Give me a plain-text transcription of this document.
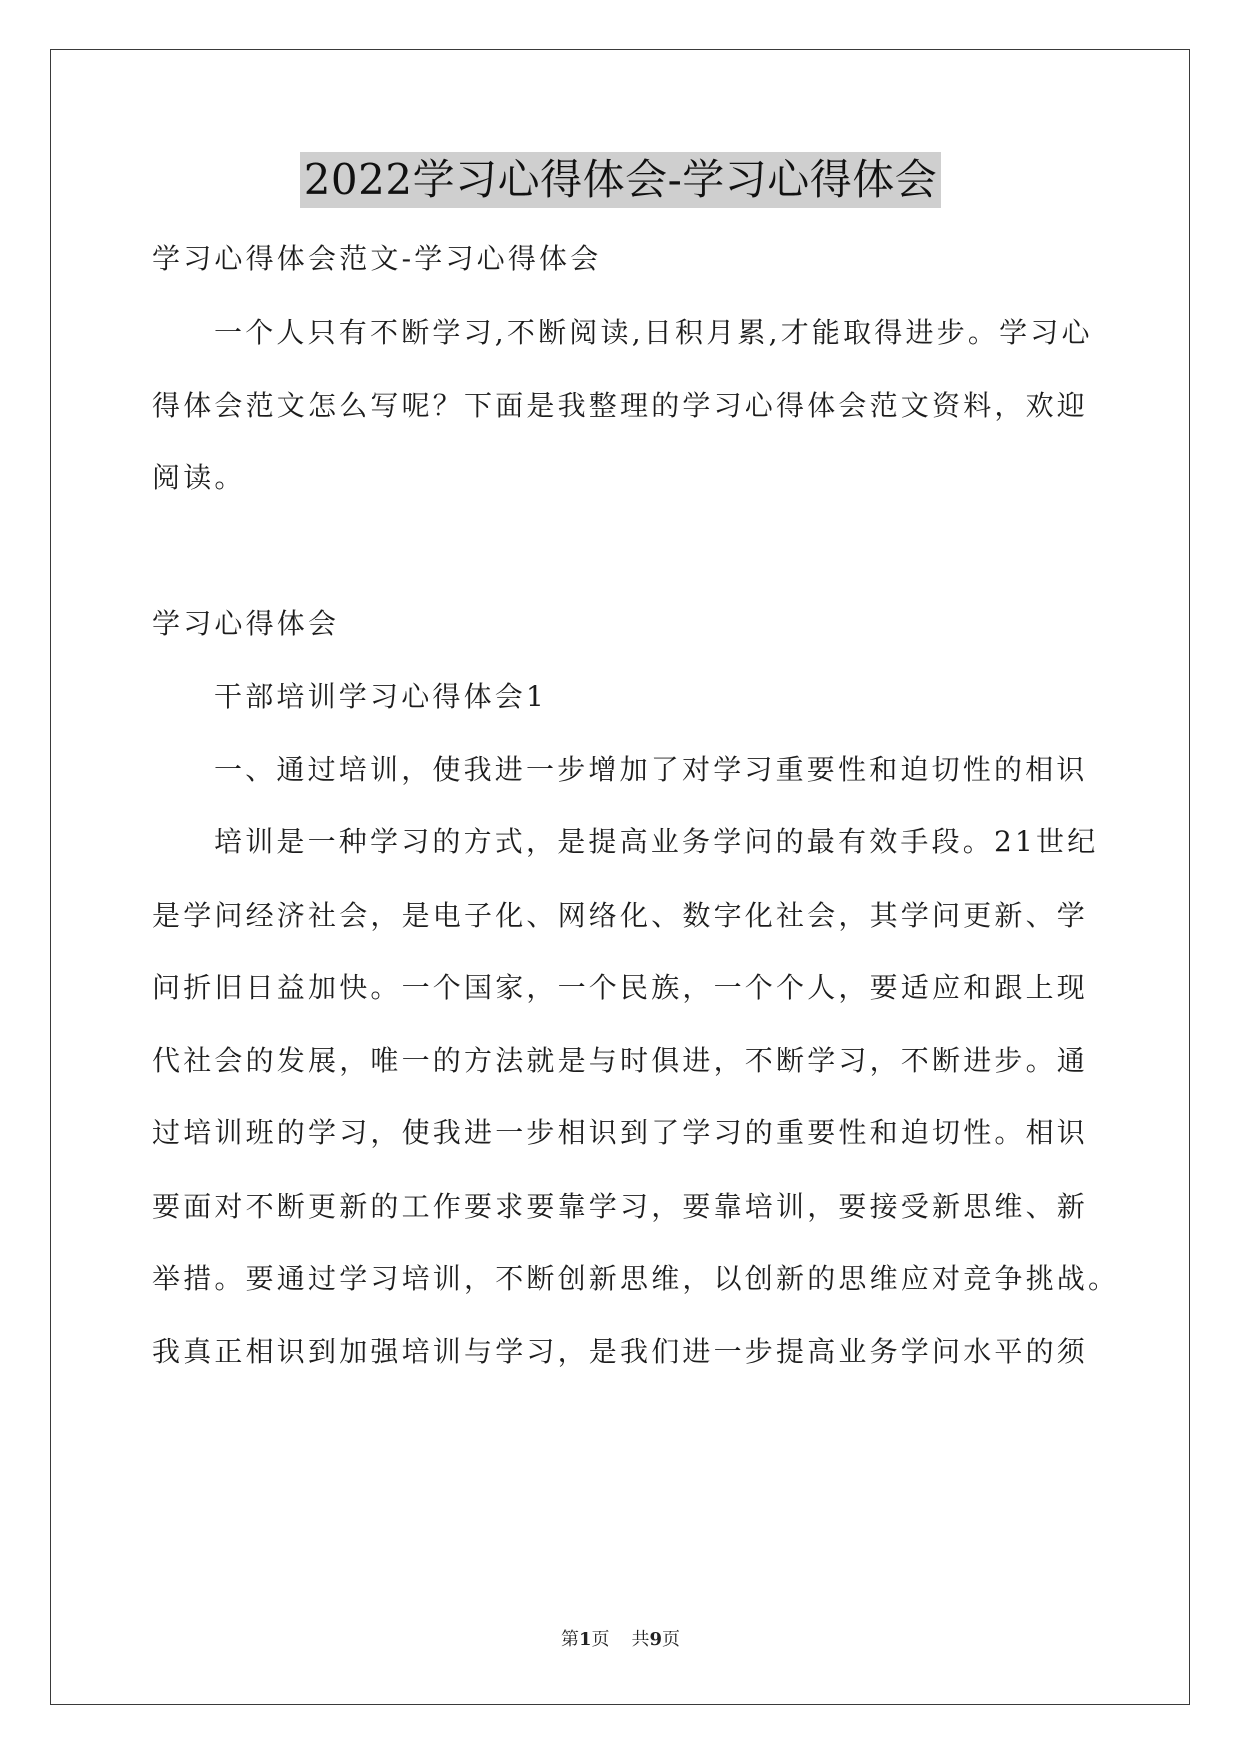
2022学习心得体会-学习心得体会
学习心得体会范文-学习心得体会
一个人只有不断学习,不断阅读,日积月累,才能取得进步。学习心
得体会范文怎么写呢？下面是我整理的学习心得体会范文资料，欢迎
阅读。
学习心得体会
干部培训学习心得体会1
一、通过培训，使我进一步增加了对学习重要性和迫切性的相识
培训是一种学习的方式，是提高业务学问的最有效手段。21世纪
是学问经济社会，是电子化、网络化、数字化社会，其学问更新、学
问折旧日益加快。一个国家，一个民族，一个个人，要适应和跟上现
代社会的发展，唯一的方法就是与时俱进，不断学习，不断进步。通
过培训班的学习，使我进一步相识到了学习的重要性和迫切性。相识
要面对不断更新的工作要求要靠学习，要靠培训，要接受新思维、新
举措。要通过学习培训，不断创新思维，以创新的思维应对竞争挑战。
我真正相识到加强培训与学习，是我们进一步提高业务学问水平的须
第1页 共9页
